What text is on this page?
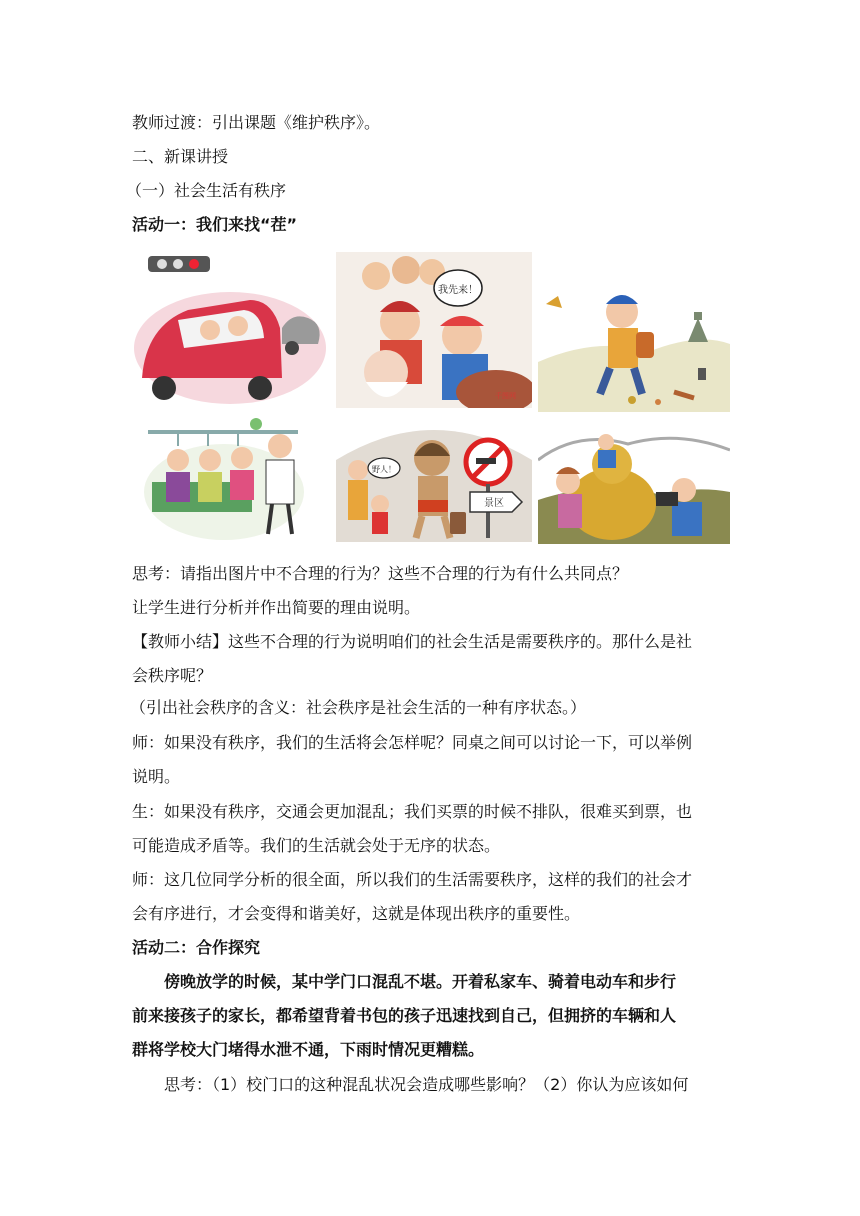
教师过渡：引出课题《维护秩序》。
二、新课讲授
（一）社会生活有秩序
活动一：我们来找“茬”
我先来！
千图网
景区
野人！
思考：请指出图片中不合理的行为？这些不合理的行为有什么共同点？
让学生进行分析并作出简要的理由说明。
【教师小结】这些不合理的行为说明咱们的社会生活是需要秩序的。那什么是社
会秩序呢？
（引出社会秩序的含义：社会秩序是社会生活的一种有序状态。）
师：如果没有秩序，我们的生活将会怎样呢？同桌之间可以讨论一下，可以举例
说明。
生：如果没有秩序，交通会更加混乱；我们买票的时候不排队，很难买到票，也
可能造成矛盾等。我们的生活就会处于无序的状态。
师：这几位同学分析的很全面，所以我们的生活需要秩序，这样的我们的社会才
会有序进行，才会变得和谐美好，这就是体现出秩序的重要性。
活动二：合作探究
傍晚放学的时候，某中学门口混乱不堪。开着私家车、骑着电动车和步行
前来接孩子的家长，都希望背着书包的孩子迅速找到自己，但拥挤的车辆和人
群将学校大门堵得水泄不通，下雨时情况更糟糕。
思考：（1）校门口的这种混乱状况会造成哪些影响？（2）你认为应该如何
